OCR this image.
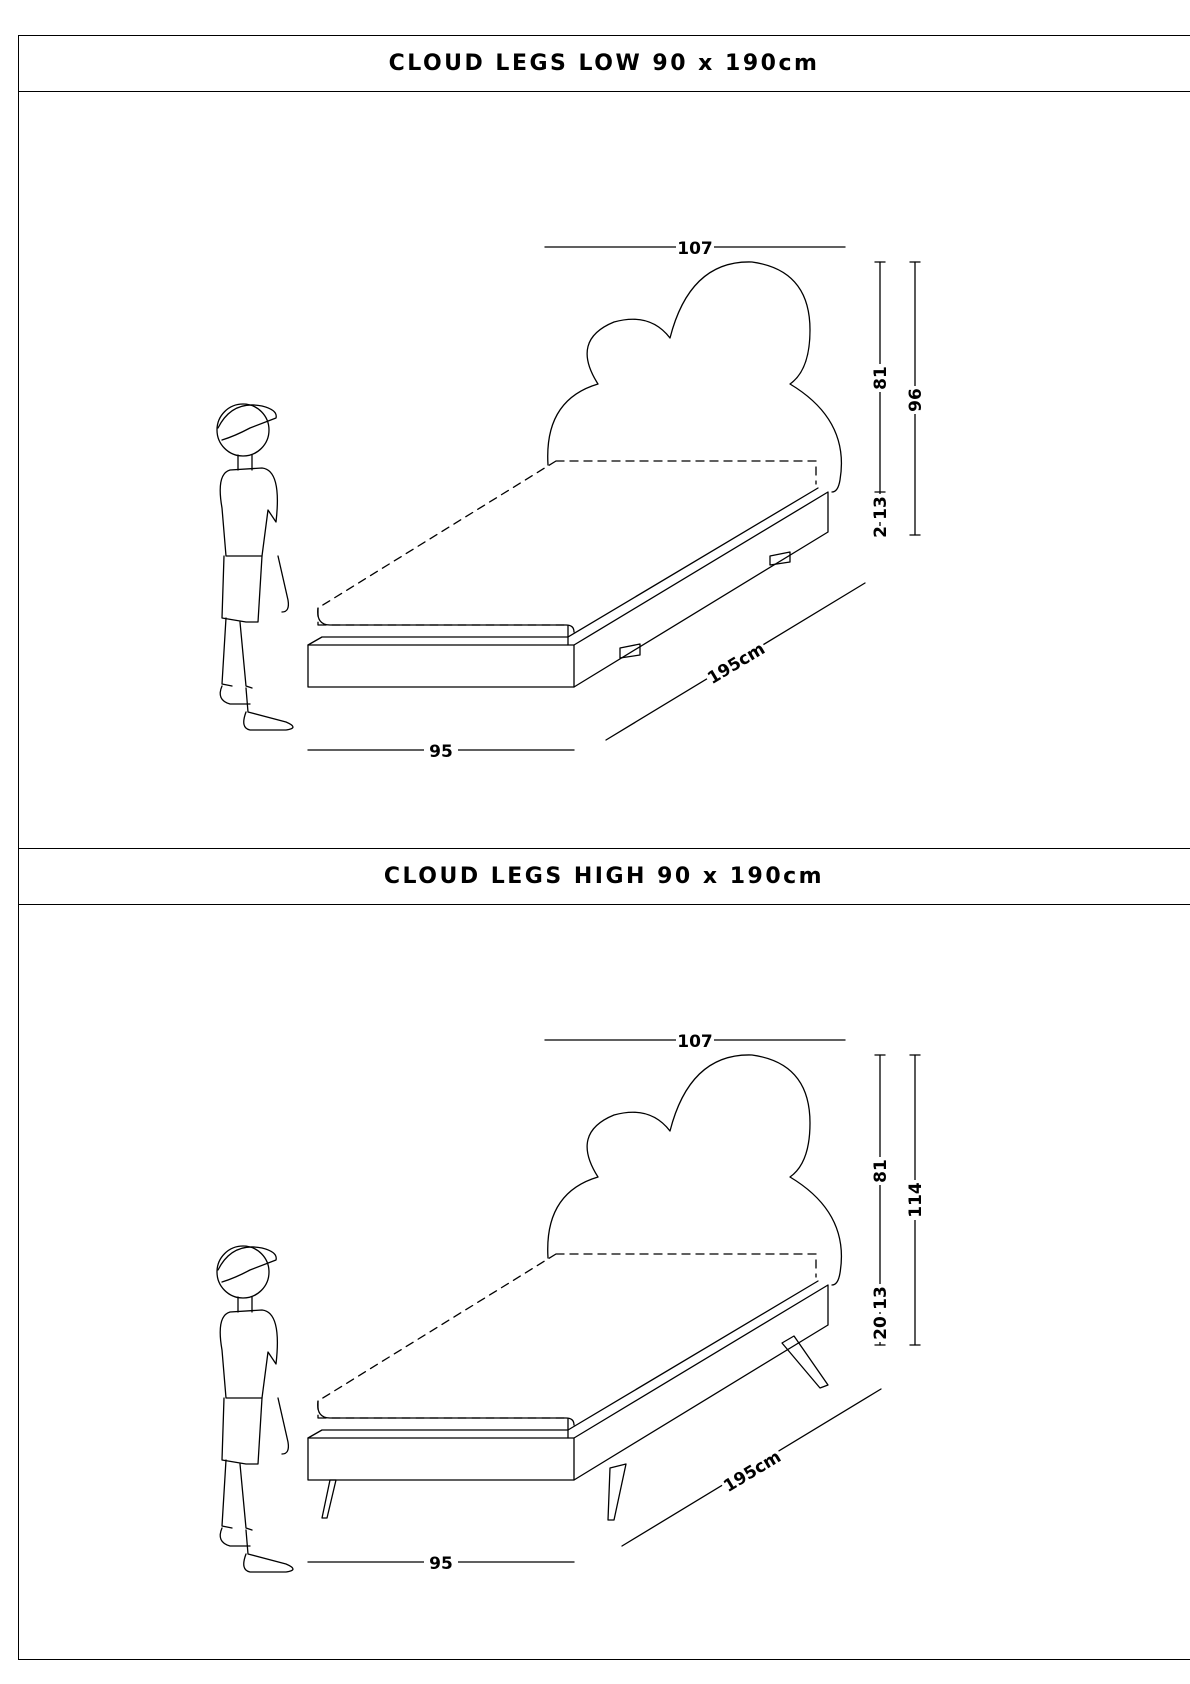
CLOUD LEGS LOW 90 x 190cm
107
95
195cm
81
13
2
96
CLOUD LEGS HIGH 90 x 190cm
107
95
195cm
81
13
20
114
